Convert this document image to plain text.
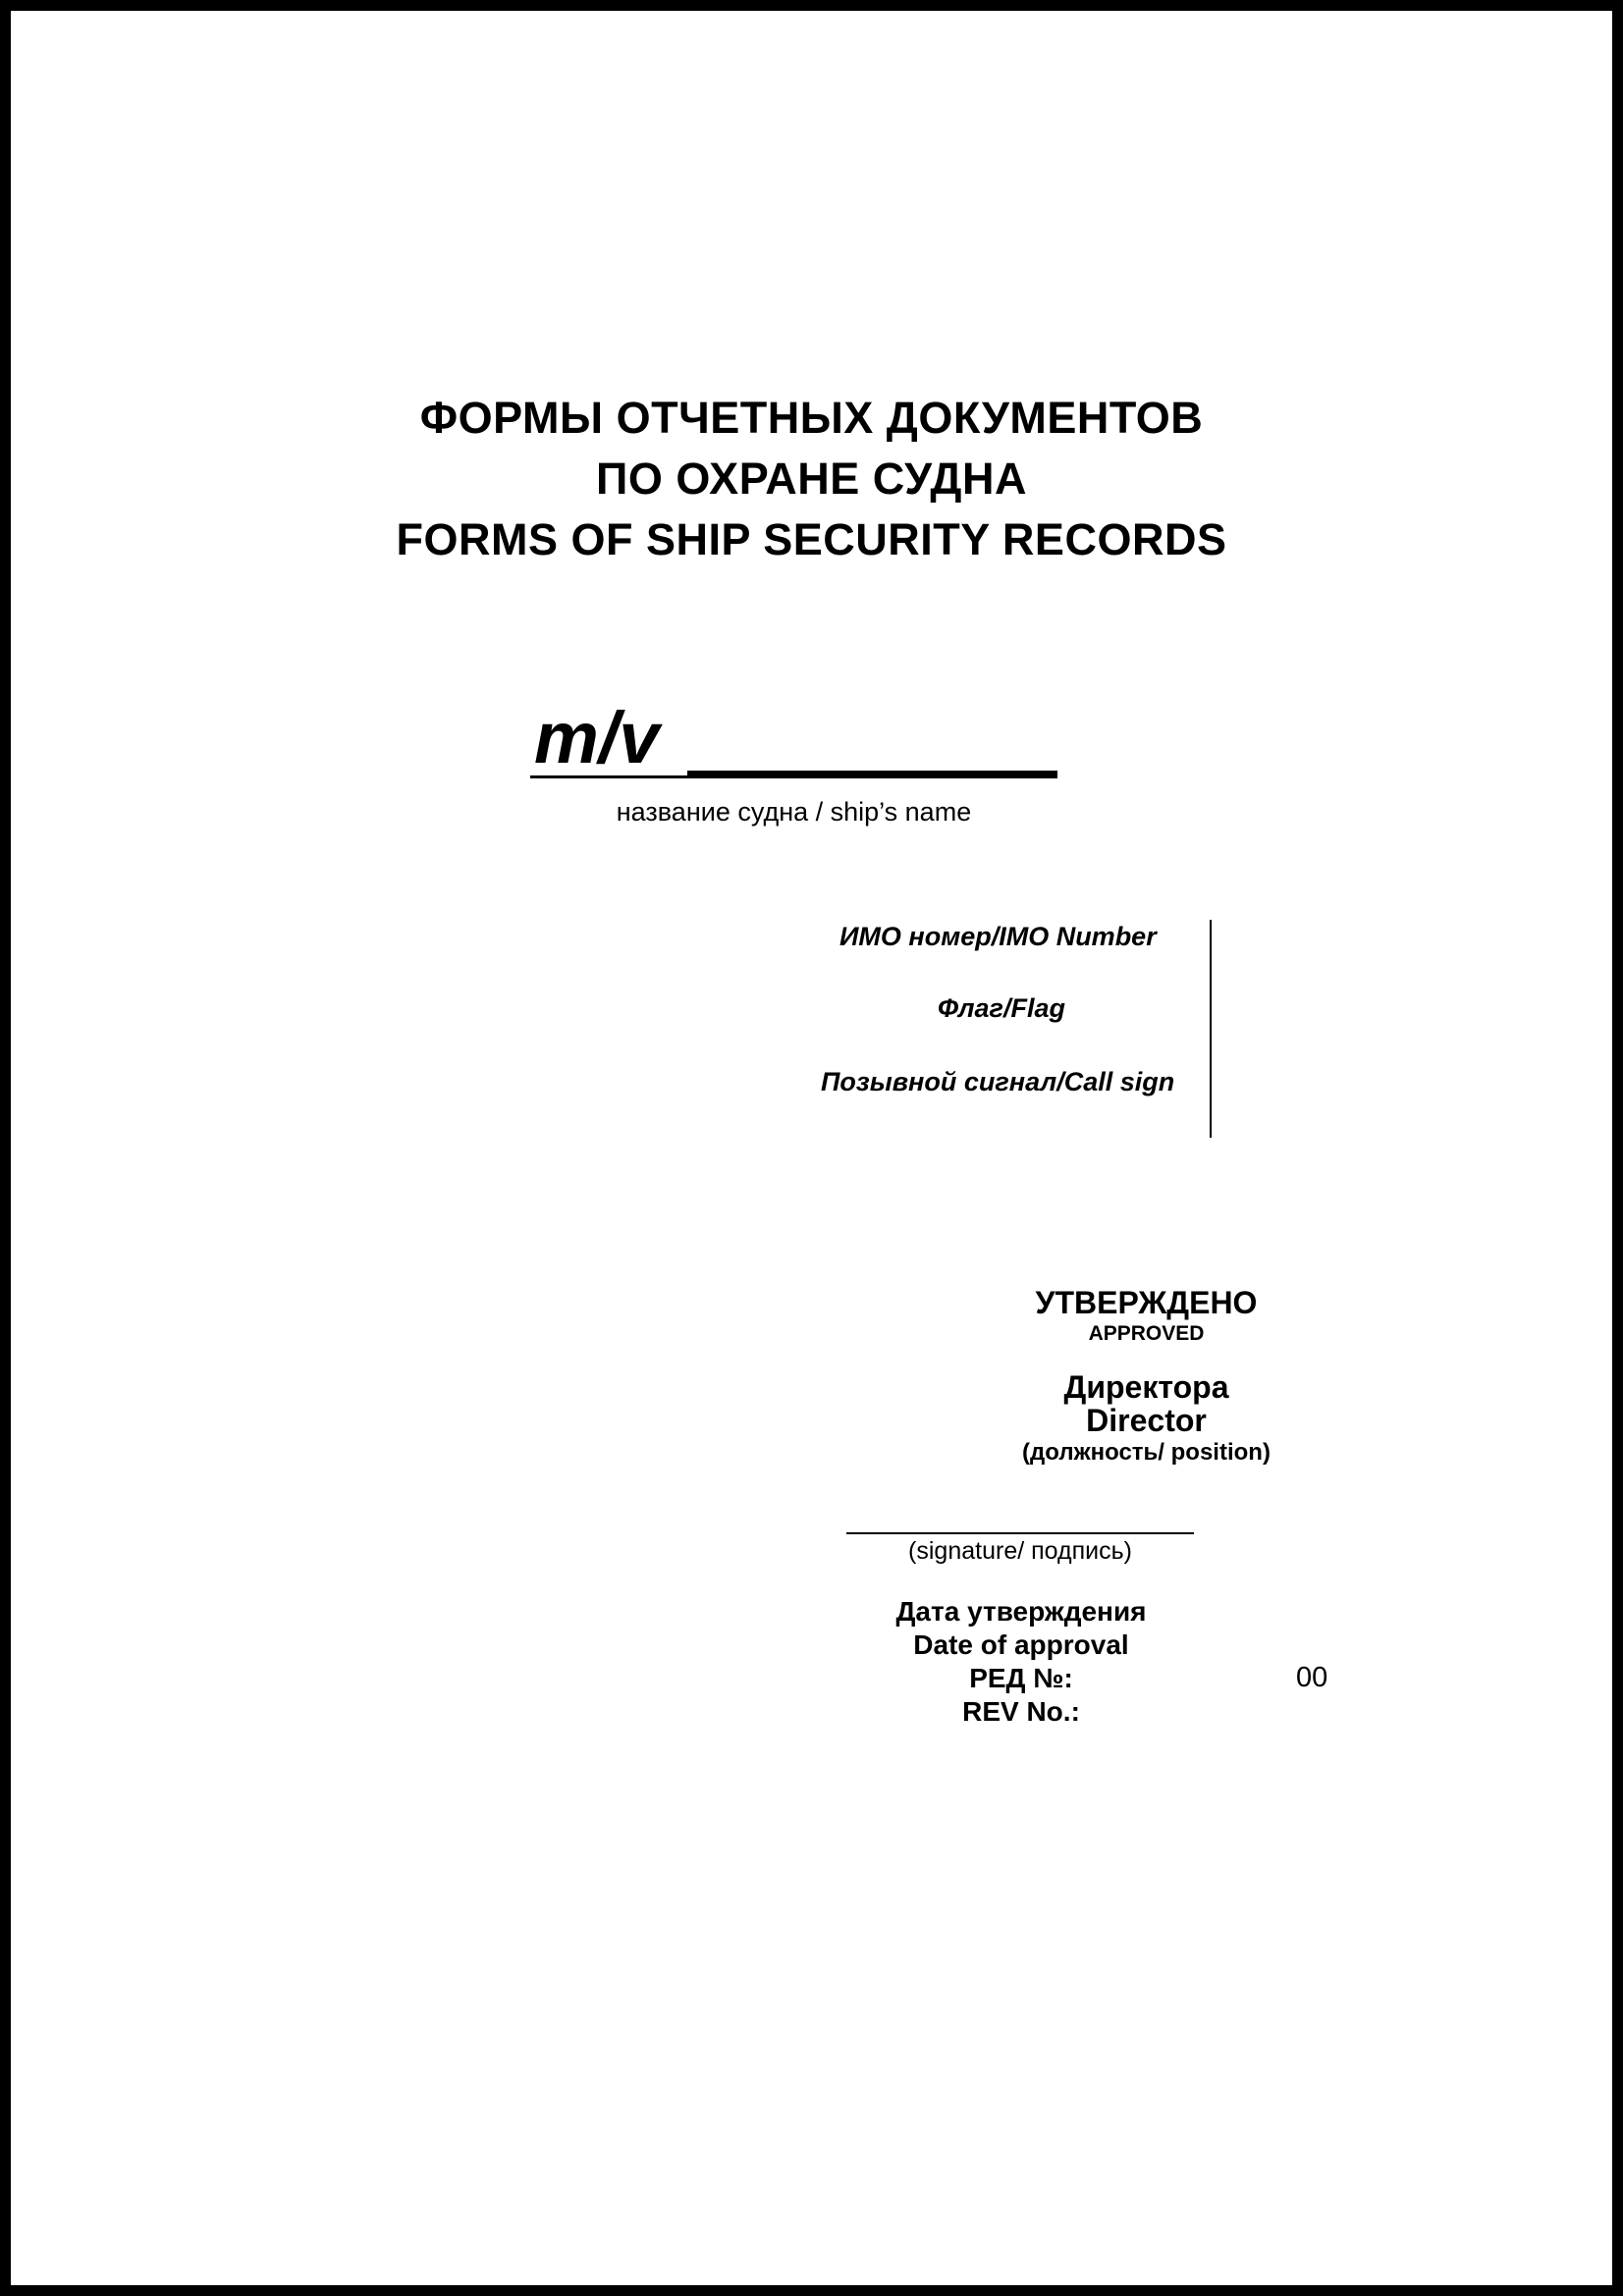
ФОРМЫ ОТЧЕТНЫХ ДОКУМЕНТОВ
ПО ОХРАНЕ СУДНА
FORMS OF SHIP SECURITY RECORDS
m/v
название судна / ship’s name
ИМО номер/IMO Number
Флаг/Flag
Позывной сигнал/Call sign
УТВЕРЖДЕНО
APPROVED
Директора
Director
(должность/ position)
(signature/ подпись)
Дата утверждения
Date of approval
РЕД №:
REV No.:
00
